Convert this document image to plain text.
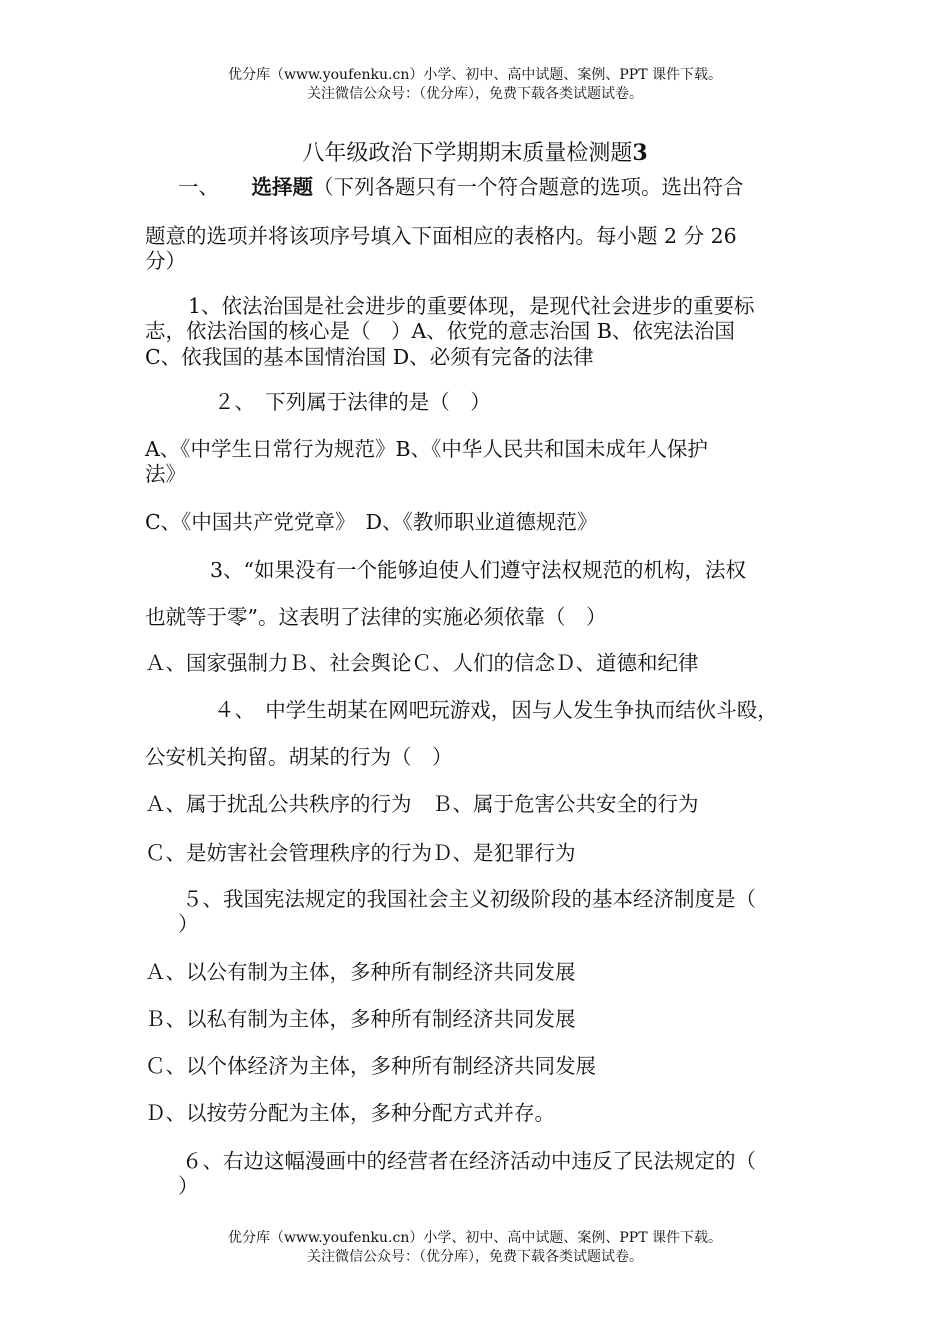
优分库（www.youfenku.cn）小学、初中、高中试题、案例、PPT 课件下载。
关注微信公众号：（优分库），免费下载各类试题试卷。
八年级政治下学期期末质量检测题3
一、 选择题（下列各题只有一个符合题意的选项。选出符合
题意的选项并将该项序号填入下面相应的表格内。每小题 2 分 26
分）
1、依法治国是社会进步的重要体现，是现代社会进步的重要标
志，依法治国的核心是（　）A、依党的意志治国 B、依宪法治国
C、依我国的基本国情治国 D、必须有完备的法律
２、　下列属于法律的是（　）
A、《中学生日常行为规范》B、《中华人民共和国未成年人保护
法》
C、《中国共产党党章》　D、《教师职业道德规范》
3、“如果没有一个能够迫使人们遵守法权规范的机构，法权
也就等于零”。这表明了法律的实施必须依靠（　）
Ａ、国家强制力Ｂ、社会舆论Ｃ、人们的信念Ｄ、道德和纪律
４、　中学生胡某在网吧玩游戏，因与人发生争执而结伙斗殴，
公安机关拘留。胡某的行为（　）
Ａ、属于扰乱公共秩序的行为　Ｂ、属于危害公共安全的行为
Ｃ、是妨害社会管理秩序的行为Ｄ、是犯罪行为
５、我国宪法规定的我国社会主义初级阶段的基本经济制度是（
）
Ａ、以公有制为主体，多种所有制经济共同发展
Ｂ、以私有制为主体，多种所有制经济共同发展
Ｃ、以个体经济为主体，多种所有制经济共同发展
Ｄ、以按劳分配为主体，多种分配方式并存。
６、右边这幅漫画中的经营者在经济活动中违反了民法规定的（
）
优分库（www.youfenku.cn）小学、初中、高中试题、案例、PPT 课件下载。
关注微信公众号：（优分库），免费下载各类试题试卷。
